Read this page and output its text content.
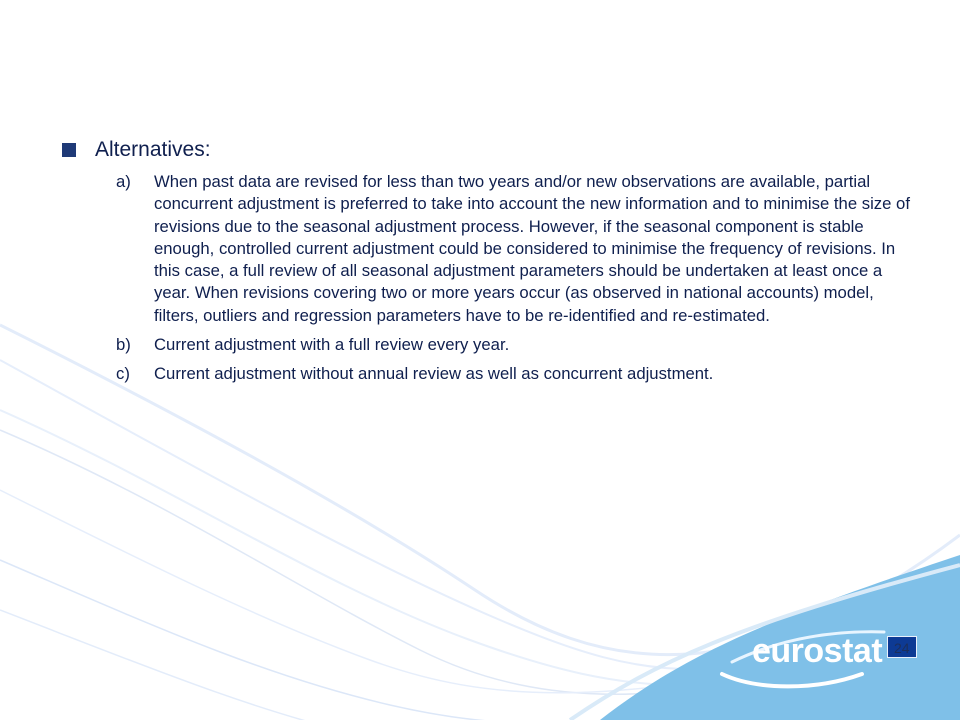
Alternatives:
a)	When past data are revised for less than two years and/or new observations are available, partial concurrent adjustment is preferred to take into account the new information and to minimise the size of revisions due to the seasonal adjustment process. However, if the seasonal component is stable enough, controlled current adjustment could be considered to minimise the frequency of revisions. In this case, a full review of all seasonal adjustment parameters should be undertaken at least once a year. When revisions covering two or more years occur (as observed in national accounts) model, filters, outliers and regression parameters have to be re-identified and re-estimated.
b)	Current adjustment with a full review every year.
c)	Current adjustment without annual review as well as concurrent adjustment.
eurostat 24
